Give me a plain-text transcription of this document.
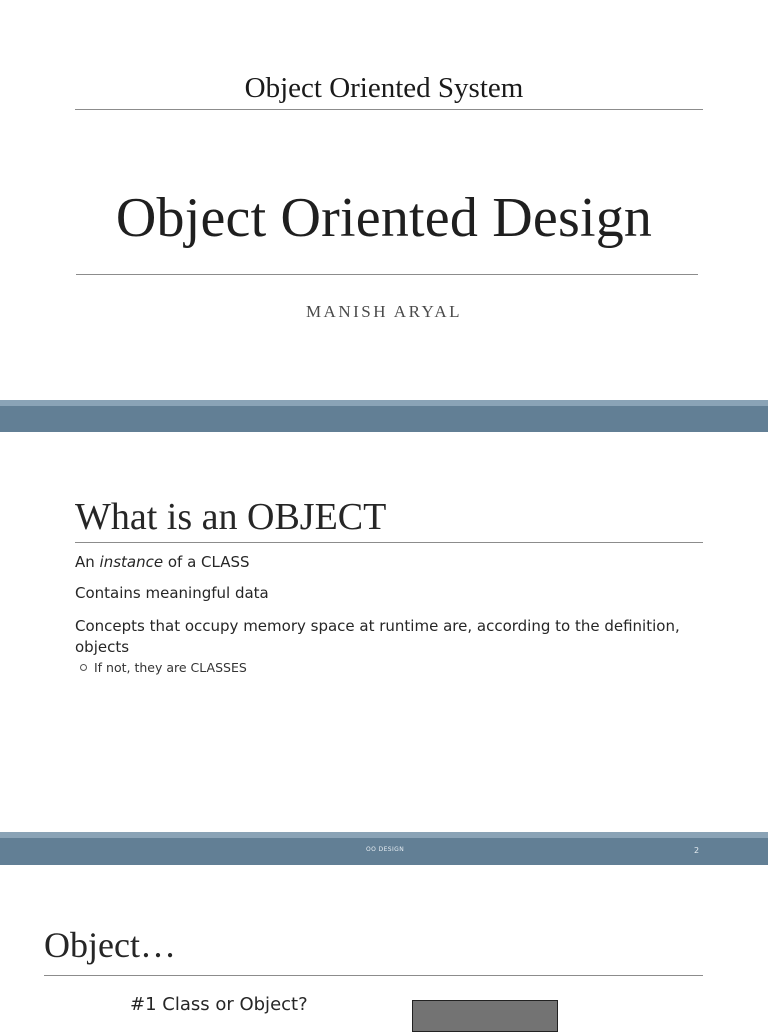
Object Oriented System
Object Oriented Design
MANISH ARYAL
What is an OBJECT
An instance of a CLASS
Contains meaningful data
Concepts that occupy memory space at runtime are, according to the definition, objects
If not, they are CLASSES
OO DESIGN	2
Object…
#1 Class or Object?
